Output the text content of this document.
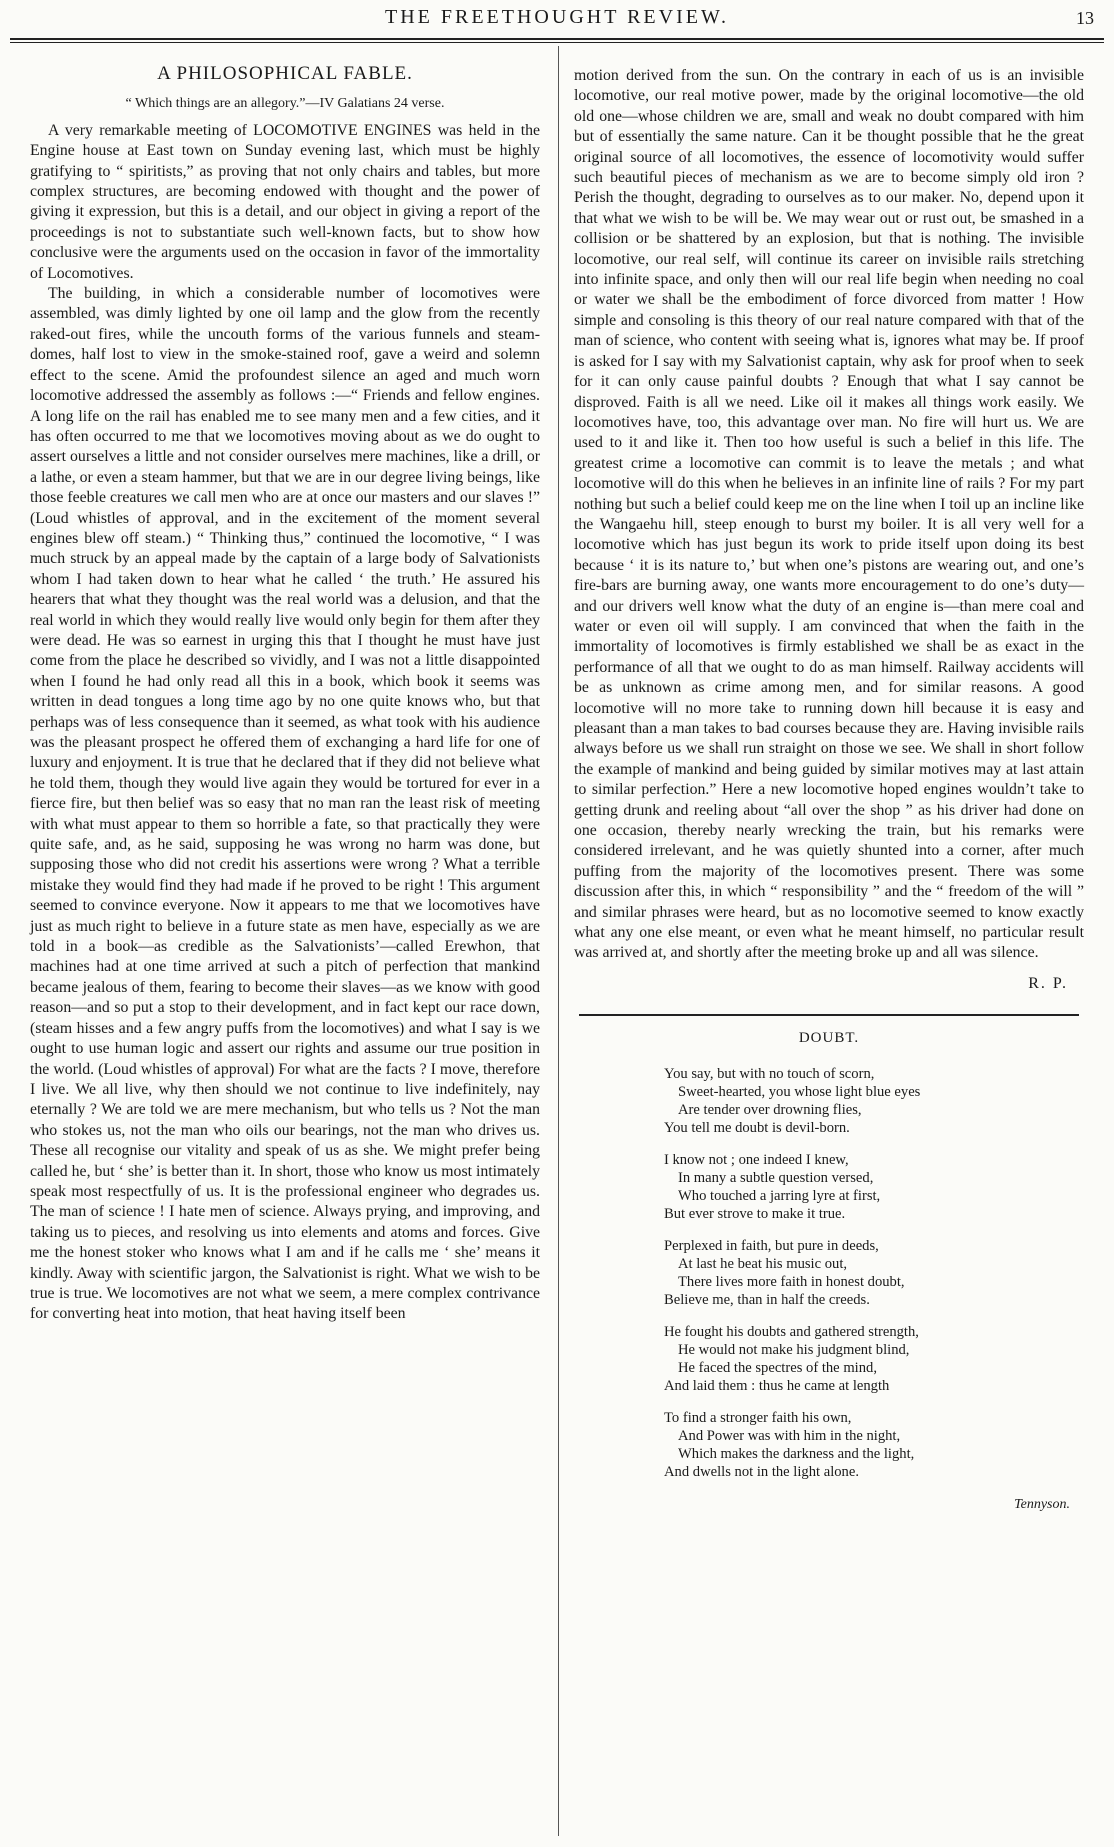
THE FREETHOUGHT REVIEW.	13
A PHILOSOPHICAL FABLE.
“ Which things are an allegory.”—IV Galatians 24 verse.

A very remarkable meeting of LOCOMOTIVE ENGINES was held in the Engine house at East town on Sunday evening last, which must be highly gratifying to “ spiritists,” as proving that not only chairs and tables, but more complex structures, are becoming endowed with thought and the power of giving it expression, but this is a detail, and our object in giving a report of the proceedings is not to substantiate such well-known facts, but to show how conclusive were the arguments used on the occasion in favor of the immortality of Locomotives.

The building, in which a considerable number of locomotives were assembled, was dimly lighted by one oil lamp and the glow from the recently raked-out fires, while the uncouth forms of the various funnels and steam-domes, half lost to view in the smoke-stained roof, gave a weird and solemn effect to the scene. Amid the profoundest silence an aged and much worn locomotive addressed the assembly as follows :—“ Friends and fellow engines. A long life on the rail has enabled me to see many men and a few cities, and it has often occurred to me that we locomotives moving about as we do ought to assert ourselves a little and not consider ourselves mere machines, like a drill, or a lathe, or even a steam hammer, but that we are in our degree living beings, like those feeble creatures we call men who are at once our masters and our slaves !” (Loud whistles of approval, and in the excitement of the moment several engines blew off steam.) “ Thinking thus,” continued the locomotive, “ I was much struck by an appeal made by the captain of a large body of Salvationists whom I had taken down to hear what he called ‘ the truth.’ He assured his hearers that what they thought was the real world was a delusion, and that the real world in which they would really live would only begin for them after they were dead. He was so earnest in urging this that I thought he must have just come from the place he described so vividly, and I was not a little disappointed when I found he had only read all this in a book, which book it seems was written in dead tongues a long time ago by no one quite knows who, but that perhaps was of less consequence than it seemed, as what took with his audience was the pleasant prospect he offered them of exchanging a hard life for one of luxury and enjoyment. It is true that he declared that if they did not believe what he told them, though they would live again they would be tortured for ever in a fierce fire, but then belief was so easy that no man ran the least risk of meeting with what must appear to them so horrible a fate, so that practically they were quite safe, and, as he said, supposing he was wrong no harm was done, but supposing those who did not credit his assertions were wrong ? What a terrible mistake they would find they had made if he proved to be right ! This argument seemed to convince everyone. Now it appears to me that we locomotives have just as much right to believe in a future state as men have, especially as we are told in a book—as credible as the Salvationists’—called Erewhon, that machines had at one time arrived at such a pitch of perfection that mankind became jealous of them, fearing to become their slaves—as we know with good reason—and so put a stop to their development, and in fact kept our race down, (steam hisses and a few angry puffs from the locomotives) and what I say is we ought to use human logic and assert our rights and assume our true position in the world. (Loud whistles of approval) For what are the facts ? I move, therefore I live. We all live, why then should we not continue to live indefinitely, nay eternally ? We are told we are mere mechanism, but who tells us ? Not the man who stokes us, not the man who oils our bearings, not the man who drives us. These all recognise our vitality and speak of us as she. We might prefer being called he, but ‘ she’ is better than it. In short, those who know us most intimately speak most respectfully of us. It is the professional engineer who degrades us. The man of science ! I hate men of science. Always prying, and improving, and taking us to pieces, and resolving us into elements and atoms and forces. Give me the honest stoker who knows what I am and if he calls me ‘ she’ means it kindly. Away with scientific jargon, the Salvationist is right. What we wish to be true is true. We locomotives are not what we seem, a mere complex contrivance for converting heat into motion, that heat having itself been

motion derived from the sun. On the contrary in each of us is an invisible locomotive, our real motive power, made by the original locomotive—the old old one—whose children we are, small and weak no doubt compared with him but of essentially the same nature. Can it be thought possible that he the great original source of all locomotives, the essence of locomotivity would suffer such beautiful pieces of mechanism as we are to become simply old iron ? Perish the thought, degrading to ourselves as to our maker. No, depend upon it that what we wish to be will be. We may wear out or rust out, be smashed in a collision or be shattered by an explosion, but that is nothing. The invisible locomotive, our real self, will continue its career on invisible rails stretching into infinite space, and only then will our real life begin when needing no coal or water we shall be the embodiment of force divorced from matter ! How simple and consoling is this theory of our real nature compared with that of the man of science, who content with seeing what is, ignores what may be. If proof is asked for I say with my Salvationist captain, why ask for proof when to seek for it can only cause painful doubts ? Enough that what I say cannot be disproved. Faith is all we need. Like oil it makes all things work easily. We locomotives have, too, this advantage over man. No fire will hurt us. We are used to it and like it. Then too how useful is such a belief in this life. The greatest crime a locomotive can commit is to leave the metals ; and what locomotive will do this when he believes in an infinite line of rails ? For my part nothing but such a belief could keep me on the line when I toil up an incline like the Wangaehu hill, steep enough to burst my boiler. It is all very well for a locomotive which has just begun its work to pride itself upon doing its best because ‘ it is its nature to,’ but when one’s pistons are wearing out, and one’s fire-bars are burning away, one wants more encouragement to do one’s duty—and our drivers well know what the duty of an engine is—than mere coal and water or even oil will supply. I am convinced that when the faith in the immortality of locomotives is firmly established we shall be as exact in the performance of all that we ought to do as man himself. Railway accidents will be as unknown as crime among men, and for similar reasons. A good locomotive will no more take to running down hill because it is easy and pleasant than a man takes to bad courses because they are. Having invisible rails always before us we shall run straight on those we see. We shall in short follow the example of mankind and being guided by similar motives may at last attain to similar perfection.” Here a new locomotive hoped engines wouldn’t take to getting drunk and reeling about “all over the shop ” as his driver had done on one occasion, thereby nearly wrecking the train, but his remarks were considered irrelevant, and he was quietly shunted into a corner, after much puffing from the majority of the locomotives present. There was some discussion after this, in which “ responsibility ” and the “ freedom of the will ” and similar phrases were heard, but as no locomotive seemed to know exactly what any one else meant, or even what he meant himself, no particular result was arrived at, and shortly after the meeting broke up and all was silence.

R. P.
DOUBT.
You say, but with no touch of scorn,
Sweet-hearted, you whose light blue eyes
Are tender over drowning flies,
You tell me doubt is devil-born.
I know not ; one indeed I knew,
In many a subtle question versed,
Who touched a jarring lyre at first,
But ever strove to make it true.
Perplexed in faith, but pure in deeds,
At last he beat his music out,
There lives more faith in honest doubt,
Believe me, than in half the creeds.
He fought his doubts and gathered strength,
He would not make his judgment blind,
He faced the spectres of the mind,
And laid them : thus he came at length
To find a stronger faith his own,
And Power was with him in the night,
Which makes the darkness and the light,
And dwells not in the light alone.
Tennyson.
